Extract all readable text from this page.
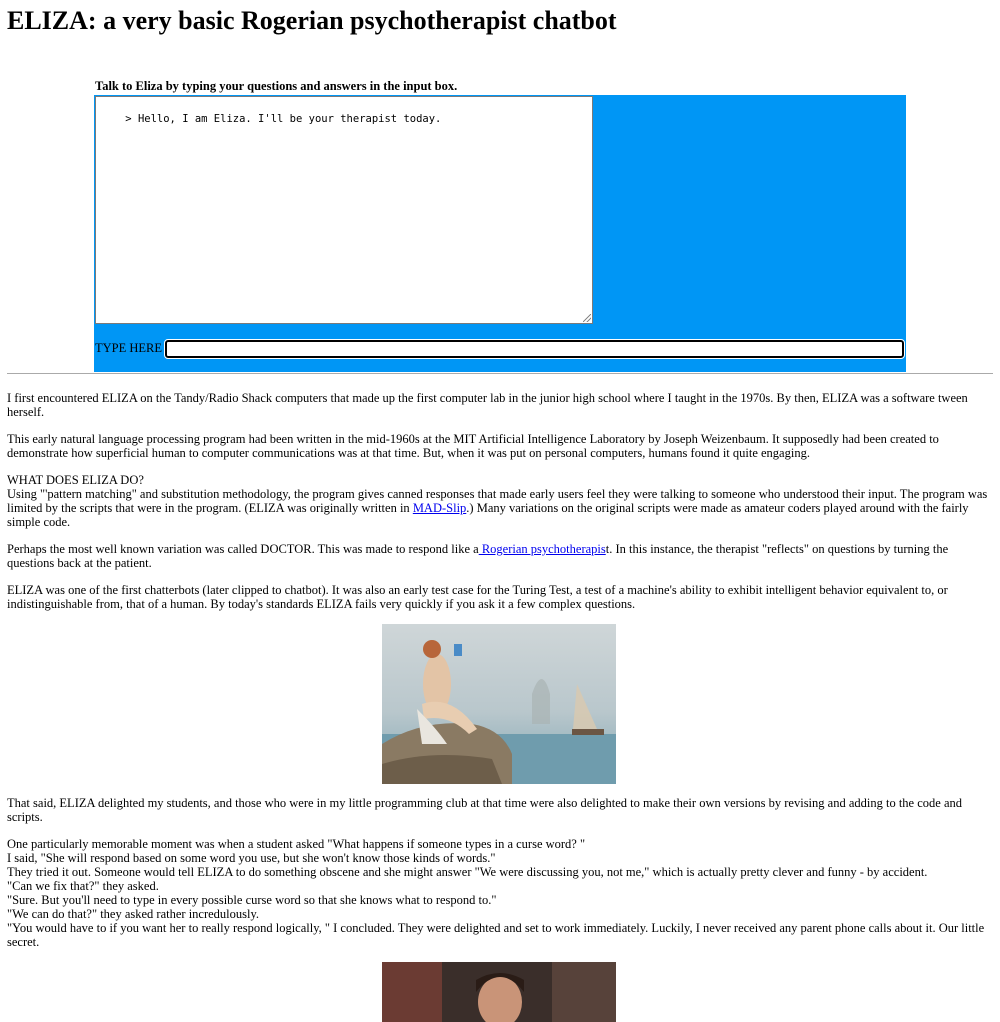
ELIZA: a very basic Rogerian psychotherapist chatbot
Talk to Eliza by typing your questions and answers in the input box.

> Hello, I am Eliza. I'll be your therapist today.

TYPE HERE

I first encountered ELIZA on the Tandy/Radio Shack computers that made up the first computer lab in the junior high school where I taught in the 1970s. By then, ELIZA was a software tween herself.

This early natural language processing program had been written in the mid-1960s at the MIT Artificial Intelligence Laboratory by Joseph Weizenbaum. It supposedly had been created to demonstrate how superficial human to computer communications was at that time. But, when it was put on personal computers, humans found it quite engaging.

WHAT DOES ELIZA DO?
Using "'pattern matching" and substitution methodology, the program gives canned responses that made early users feel they were talking to someone who understood their input. The program was limited by the scripts that were in the program. (ELIZA was originally written in MAD-Slip.) Many variations on the original scripts were made as amateur coders played around with the fairly simple code.

Perhaps the most well known variation was called DOCTOR. This was made to respond like a Rogerian psychotherapist. In this instance, the therapist "reflects" on questions by turning the questions back at the patient.

ELIZA was one of the first chatterbots (later clipped to chatbot). It was also an early test case for the Turing Test, a test of a machine's ability to exhibit intelligent behavior equivalent to, or indistinguishable from, that of a human. By today's standards ELIZA fails very quickly if you ask it a few complex questions.

That said, ELIZA delighted my students, and those who were in my little programming club at that time were also delighted to make their own versions by revising and adding to the code and scripts.

One particularly memorable moment was when a student asked "What happens if someone types in a curse word? "
I said, "She will respond based on some word you use, but she won't know those kinds of words."
They tried it out. Someone would tell ELIZA to do something obscene and she might answer "We were discussing you, not me," which is actually pretty clever and funny - by accident.
"Can we fix that?" they asked.
"Sure. But you'll need to type in every possible curse word so that she knows what to respond to."
"We can do that?" they asked rather incredulously.
"You would have to if you want her to really respond logically, " I concluded. They were delighted and set to work immediately. Luckily, I never received any parent phone calls about it. Our little secret.
